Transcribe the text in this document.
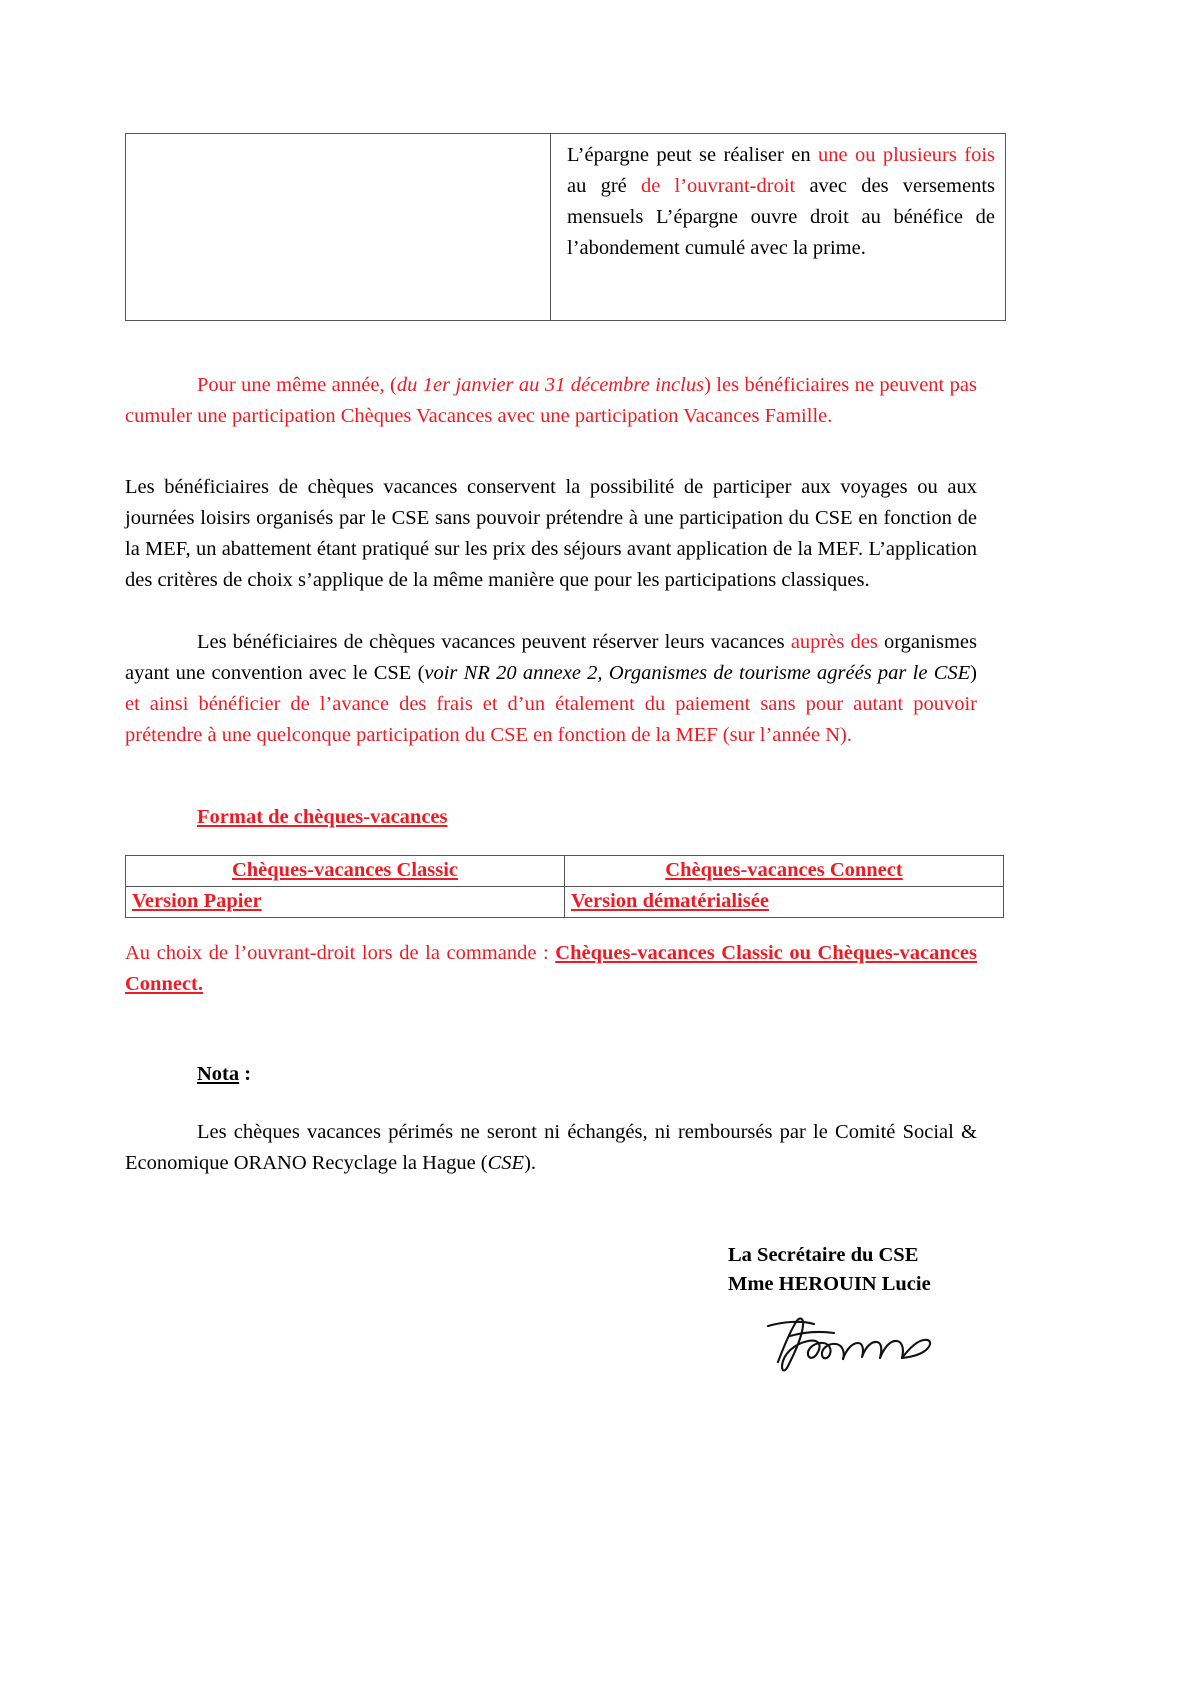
L’épargne peut se réaliser en une ou plusieurs fois au gré de l’ouvrant-droit avec des versements mensuels L’épargne ouvre droit au bénéfice de l’abondement cumulé avec la prime.
Pour une même année, (du 1er janvier au 31 décembre inclus) les bénéficiaires ne peuvent pas cumuler une participation Chèques Vacances avec une participation Vacances Famille.
Les bénéficiaires de chèques vacances conservent la possibilité de participer aux voyages ou aux journées loisirs organisés par le CSE sans pouvoir prétendre à une participation du CSE en fonction de la MEF, un abattement étant pratiqué sur les prix des séjours avant application de la MEF. L’application des critères de choix s’applique de la même manière que pour les participations classiques.
Les bénéficiaires de chèques vacances peuvent réserver leurs vacances auprès des organismes ayant une convention avec le CSE (voir NR 20 annexe 2, Organismes de tourisme agréés par le CSE) et ainsi bénéficier de l’avance des frais et d’un étalement du paiement sans pour autant pouvoir prétendre à une quelconque participation du CSE en fonction de la MEF (sur l’année N).
Format de chèques-vacances
Chèques-vacances Classic	Chèques-vacances Connect
Version Papier	Version dématérialisée
Au choix de l’ouvrant-droit lors de la commande : Chèques-vacances Classic ou Chèques-vacances Connect.
Nota :
Les chèques vacances périmés ne seront ni échangés, ni remboursés par le Comité Social & Economique ORANO Recyclage la Hague (CSE).
La Secrétaire du CSE
Mme HEROUIN Lucie
